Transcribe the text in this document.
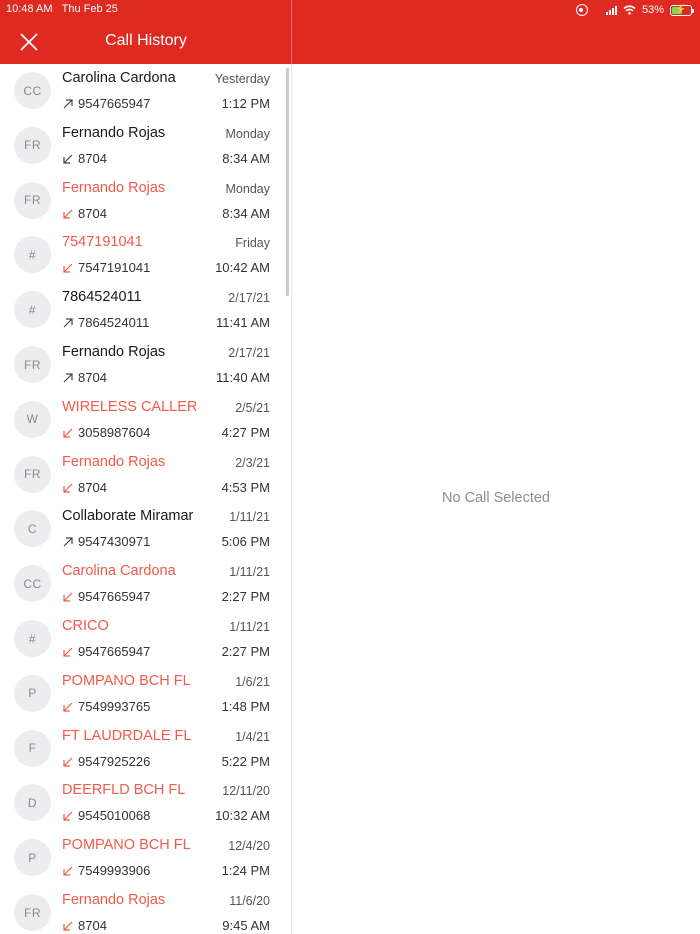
10:48 AM Thu Feb 25	53%	⚡
Call History
CC
Carolina Cardona
9547665947
Yesterday
1:12 PM
FR
Fernando Rojas
8704
Monday
8:34 AM
FR
Fernando Rojas
8704
Monday
8:34 AM
#
7547191041
7547191041
Friday
10:42 AM
#
7864524011
7864524011
2/17/21
11:41 AM
FR
Fernando Rojas
8704
2/17/21
11:40 AM
W
WIRELESS CALLER
3058987604
2/5/21
4:27 PM
FR
Fernando Rojas
8704
2/3/21
4:53 PM
C
Collaborate Miramar
9547430971
1/11/21
5:06 PM
CC
Carolina Cardona
9547665947
1/11/21
2:27 PM
#
CRICO
9547665947
1/11/21
2:27 PM
P
POMPANO BCH FL
7549993765
1/6/21
1:48 PM
F
FT LAUDRDALE FL
9547925226
1/4/21
5:22 PM
D
DEERFLD BCH FL
9545010068
12/11/20
10:32 AM
P
POMPANO BCH FL
7549993906
12/4/20
1:24 PM
FR
Fernando Rojas
8704
11/6/20
9:45 AM
No Call Selected
